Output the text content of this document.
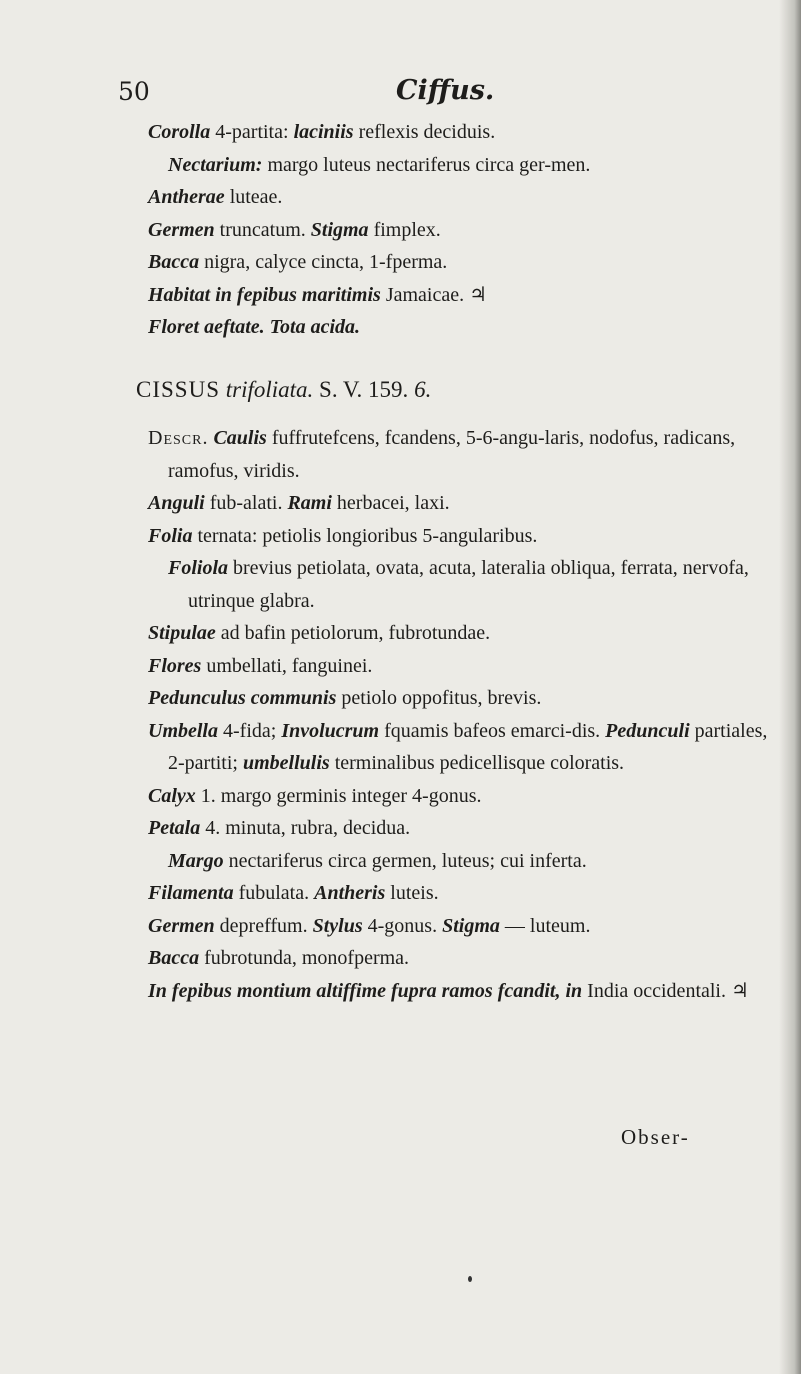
50	Ciffus.

Corolla 4-partita: laciniis reflexis deciduis.

Nectarium: margo luteus nectariferus circa ger-men.

Antherae luteae.

Germen truncatum. Stigma fimplex.

Bacca nigra, calyce cincta, 1-fperma.

Habitat in fepibus maritimis Jamaicae. ♃

Floret aeftate. Tota acida.

CISSUS trifoliata. S. V. 159. 6.

Descr. Caulis fuffrutefcens, fcandens, 5-6-angu-laris, nodofus, radicans, ramofus, viridis.

Anguli fub-alati. Rami herbacei, laxi.

Folia ternata: petiolis longioribus 5-angularibus.

Foliola brevius petiolata, ovata, acuta, lateralia obliqua, ferrata, nervofa, utrinque glabra.

Stipulae ad bafin petiolorum, fubrotundae.

Flores umbellati, fanguinei.

Pedunculus communis petiolo oppofitus, brevis.

Umbella 4-fida; Involucrum fquamis bafeos emarci-dis. Pedunculi partiales, 2-partiti; umbellulis terminalibus pedicellisque coloratis.

Calyx 1. margo germinis integer 4-gonus.

Petala 4. minuta, rubra, decidua.

Margo nectariferus circa germen, luteus; cui inferta.

Filamenta fubulata. Antheris luteis.

Germen depreffum. Stylus 4-gonus. Stigma — luteum.

Bacca fubrotunda, monofperma.

In fepibus montium altiffime fupra ramos fcandit, in India occidentali. ♃

Obser-
